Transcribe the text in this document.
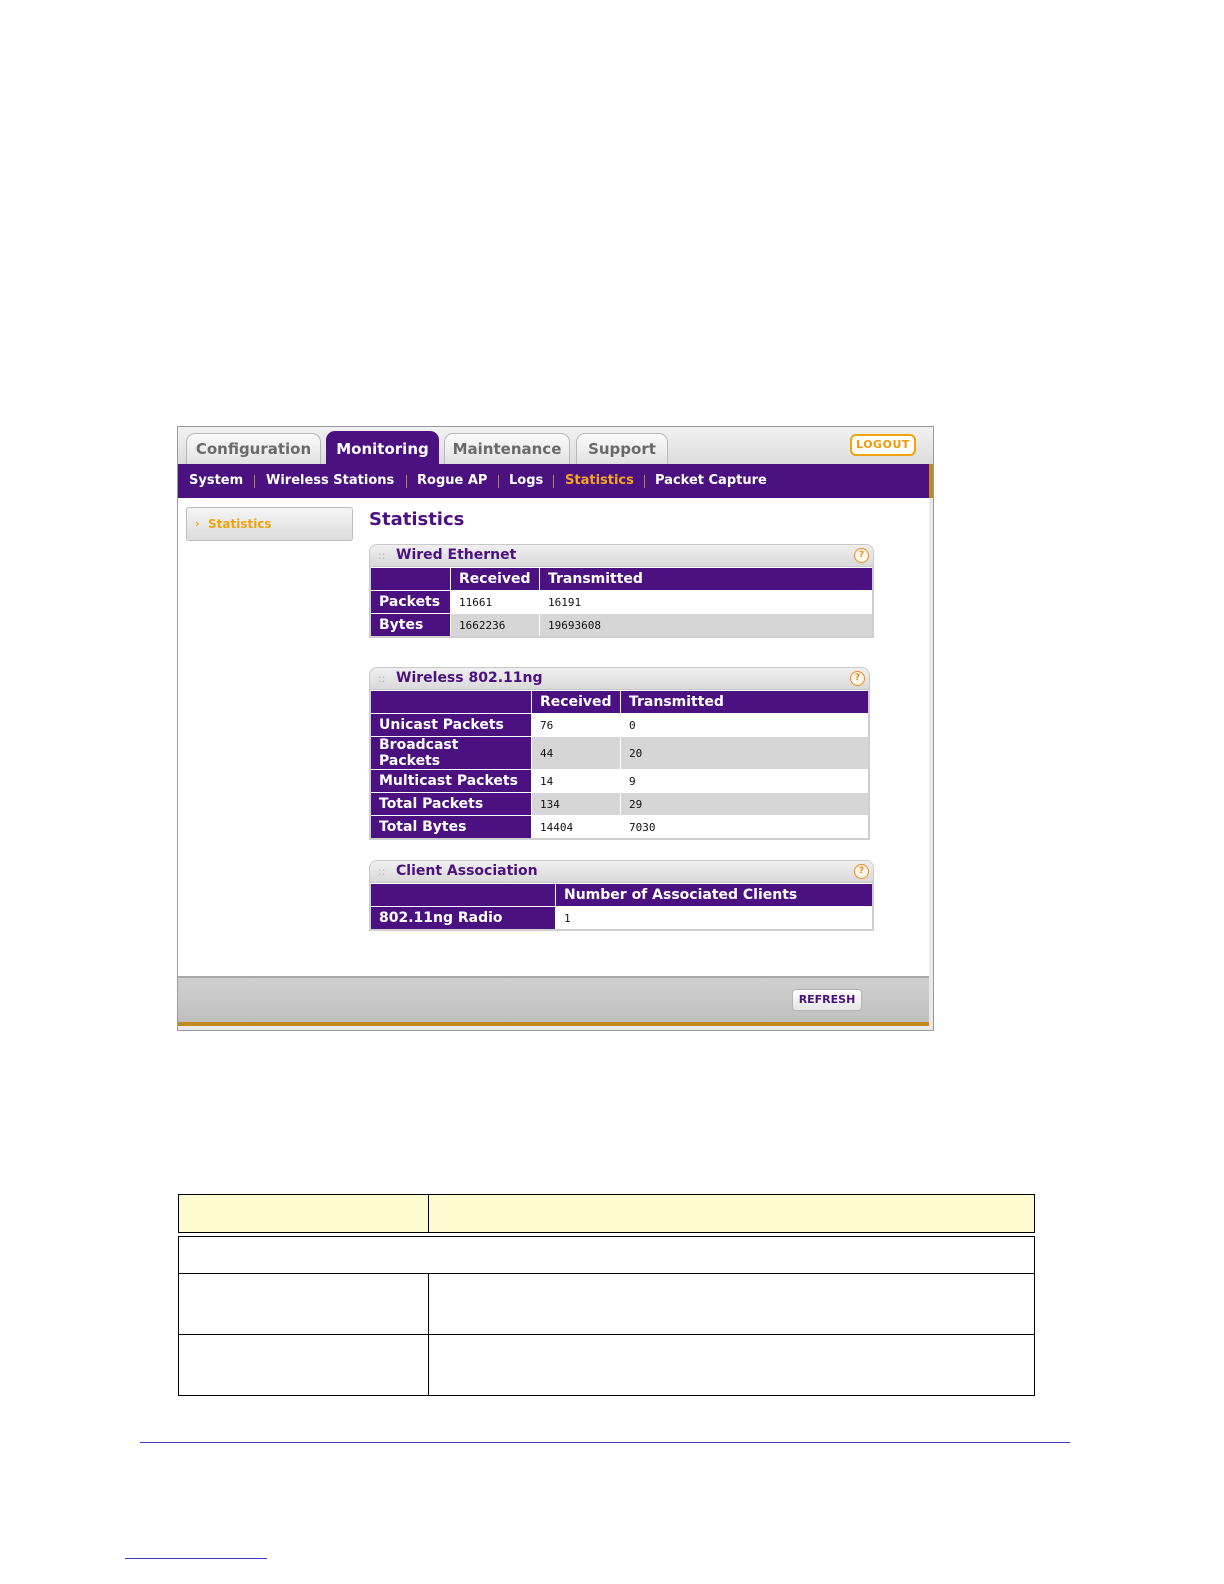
Configuration	Monitoring	Maintenance	Support	LOGOUT
System Wireless Stations Rogue AP Logs Statistics Packet Capture
› Statistics	Statistics
:: Wired Ethernet	?
	Received	Transmitted
Packets	11661	16191
Bytes	1662236	19693608
:: Wireless 802.11ng	?
	Received	Transmitted
Unicast Packets	76	0
Broadcast Packets	44	20
Multicast Packets	14	9
Total Packets	134	29
Total Bytes	14404	7030
:: Client Association	?
	Number of Associated Clients
802.11ng Radio	1
REFRESH
